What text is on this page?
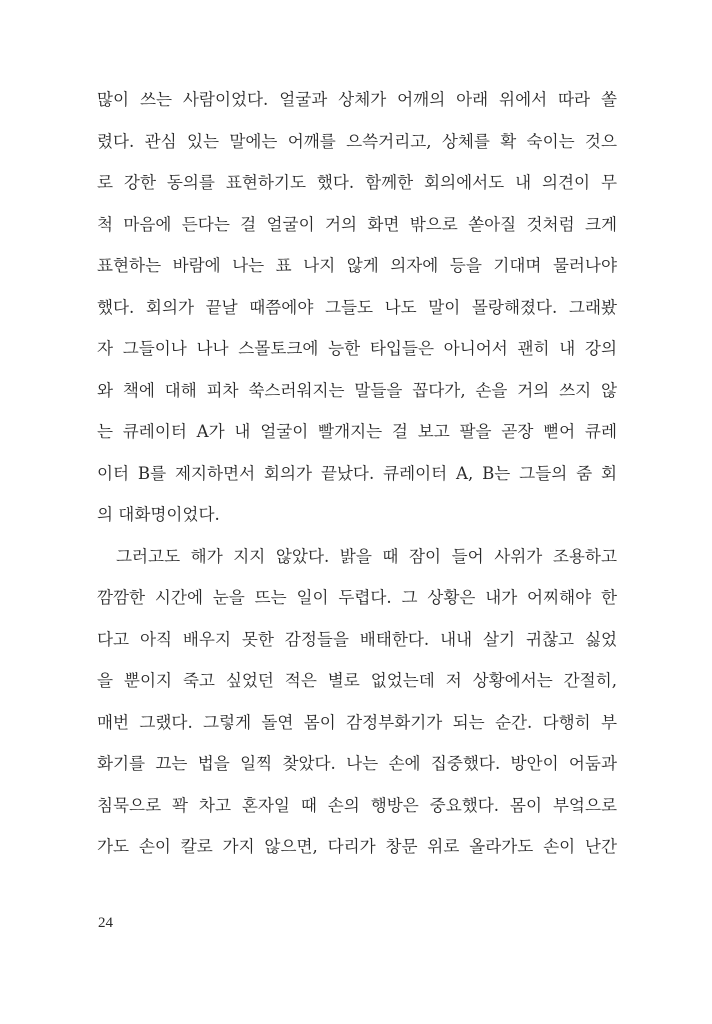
많이 쓰는 사람이었다. 얼굴과 상체가 어깨의 아래 위에서 따라 쏠
렸다. 관심 있는 말에는 어깨를 으쓱거리고, 상체를 확 숙이는 것으
로 강한 동의를 표현하기도 했다. 함께한 회의에서도 내 의견이 무
척 마음에 든다는 걸 얼굴이 거의 화면 밖으로 쏟아질 것처럼 크게
표현하는 바람에 나는 표 나지 않게 의자에 등을 기대며 물러나야
했다. 회의가 끝날 때쯤에야 그들도 나도 말이 몰랑해졌다. 그래봤
자 그들이나 나나 스몰토크에 능한 타입들은 아니어서 괜히 내 강의
와 책에 대해 피차 쑥스러워지는 말들을 꼽다가, 손을 거의 쓰지 않
는 큐레이터 A가 내 얼굴이 빨개지는 걸 보고 팔을 곧장 뻗어 큐레
이터 B를 제지하면서 회의가 끝났다. 큐레이터 A, B는 그들의 줌 회
의 대화명이었다.
그러고도 해가 지지 않았다. 밝을 때 잠이 들어 사위가 조용하고
깜깜한 시간에 눈을 뜨는 일이 두렵다. 그 상황은 내가 어찌해야 한
다고 아직 배우지 못한 감정들을 배태한다. 내내 살기 귀찮고 싫었
을 뿐이지 죽고 싶었던 적은 별로 없었는데 저 상황에서는 간절히,
매번 그랬다. 그렇게 돌연 몸이 감정부화기가 되는 순간. 다행히 부
화기를 끄는 법을 일찍 찾았다. 나는 손에 집중했다. 방안이 어둠과
침묵으로 꽉 차고 혼자일 때 손의 행방은 중요했다. 몸이 부엌으로
가도 손이 칼로 가지 않으면, 다리가 창문 위로 올라가도 손이 난간
24
